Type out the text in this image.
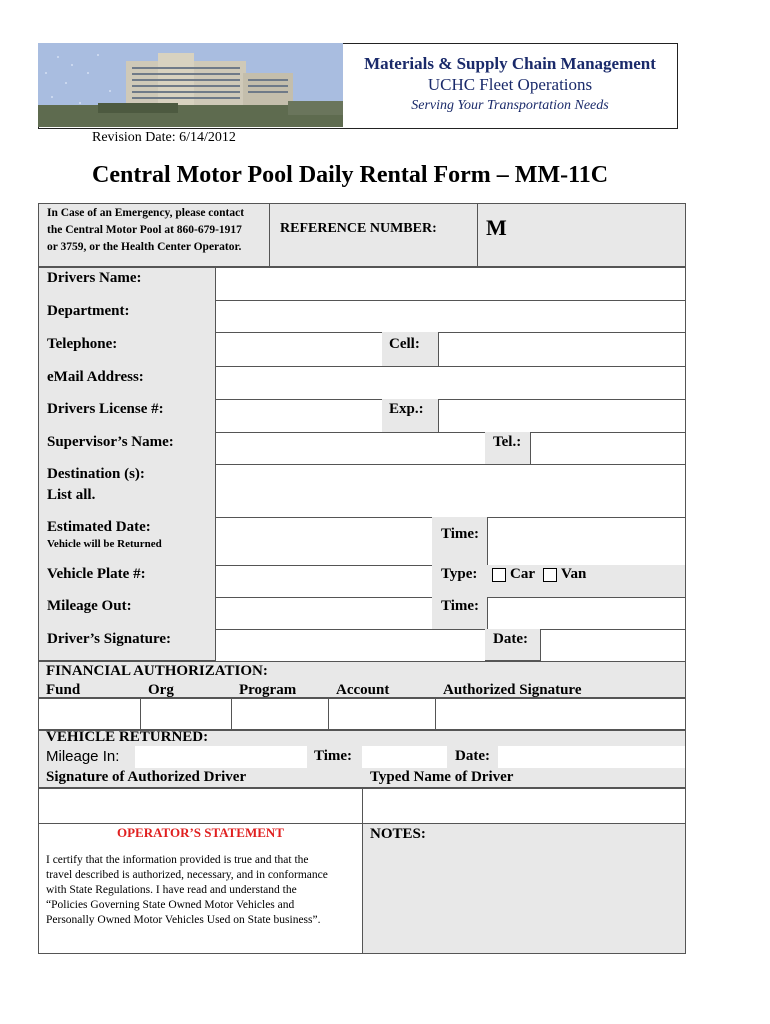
Materials & Supply Chain Management
UCHC Fleet Operations
Serving Your Transportation Needs
Revision Date: 6/14/2012
Central Motor Pool Daily Rental Form – MM-11C
In Case of an Emergency, please contact
the Central Motor Pool at 860-679-1917
or 3759, or the Health Center Operator.
REFERENCE NUMBER: M
Drivers Name:
Department:
Telephone:	Cell:
eMail Address:
Drivers License #:	Exp.:
Supervisor’s Name:	Tel.:
Destination (s):
List all.
Estimated Date:
Vehicle will be Returned
Time:
Vehicle Plate #:	Type: Car Van
Mileage Out:	Time:
Driver’s Signature:	Date:
FINANCIAL AUTHORIZATION:
Fund	Org	Program	Account	Authorized Signature
VEHICLE RETURNED:
Mileage In:	Time:	Date:
Signature of Authorized Driver	Typed Name of Driver
OPERATOR’S STATEMENT
I certify that the information provided is true and that the
travel described is authorized, necessary, and in conformance
with State Regulations. I have read and understand the
“Policies Governing State Owned Motor Vehicles and
Personally Owned Motor Vehicles Used on State business”.
NOTES:
